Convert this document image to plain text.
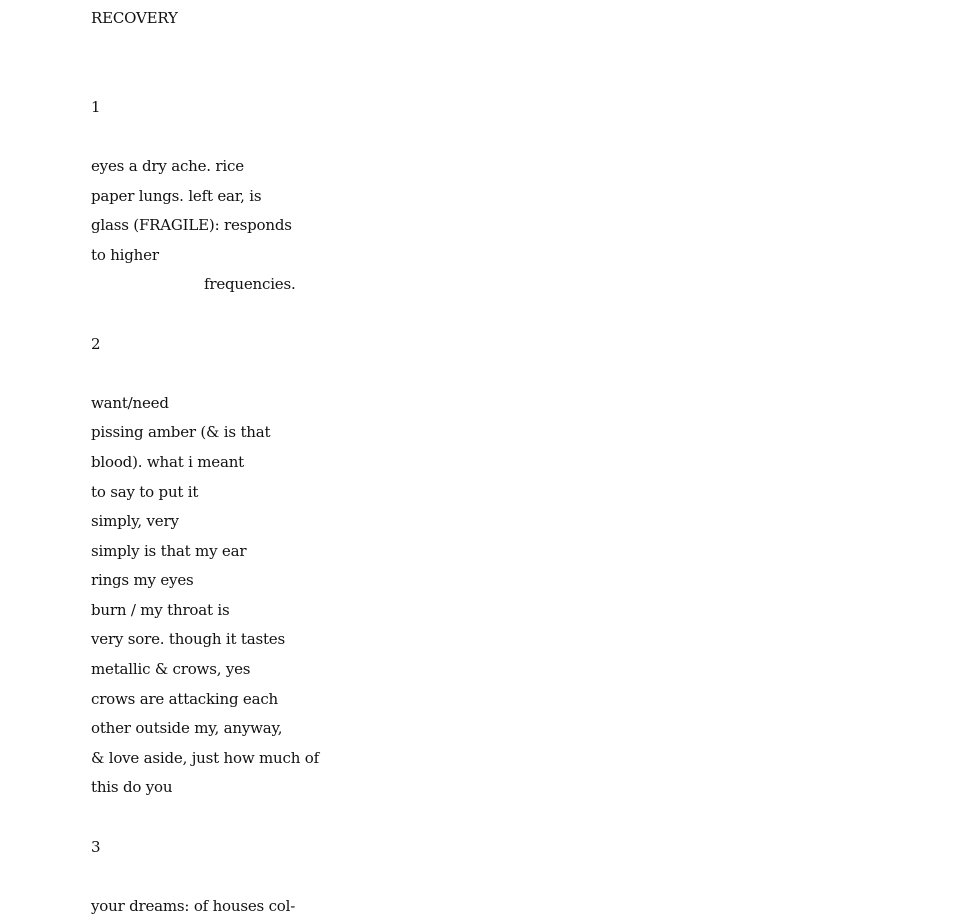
RECOVERY
1
eyes a dry ache. rice
paper lungs. left ear, is
glass (FRAGILE): responds
to higher
frequencies.
2
want/need
pissing amber (& is that
blood). what i meant
to say to put it
simply, very
simply is that my ear
rings my eyes
burn / my throat is
very sore. though it tastes
metallic & crows, yes
crows are attacking each
other outside my, anyway,
& love aside, just how much of
this do you
3
your dreams: of houses col-
